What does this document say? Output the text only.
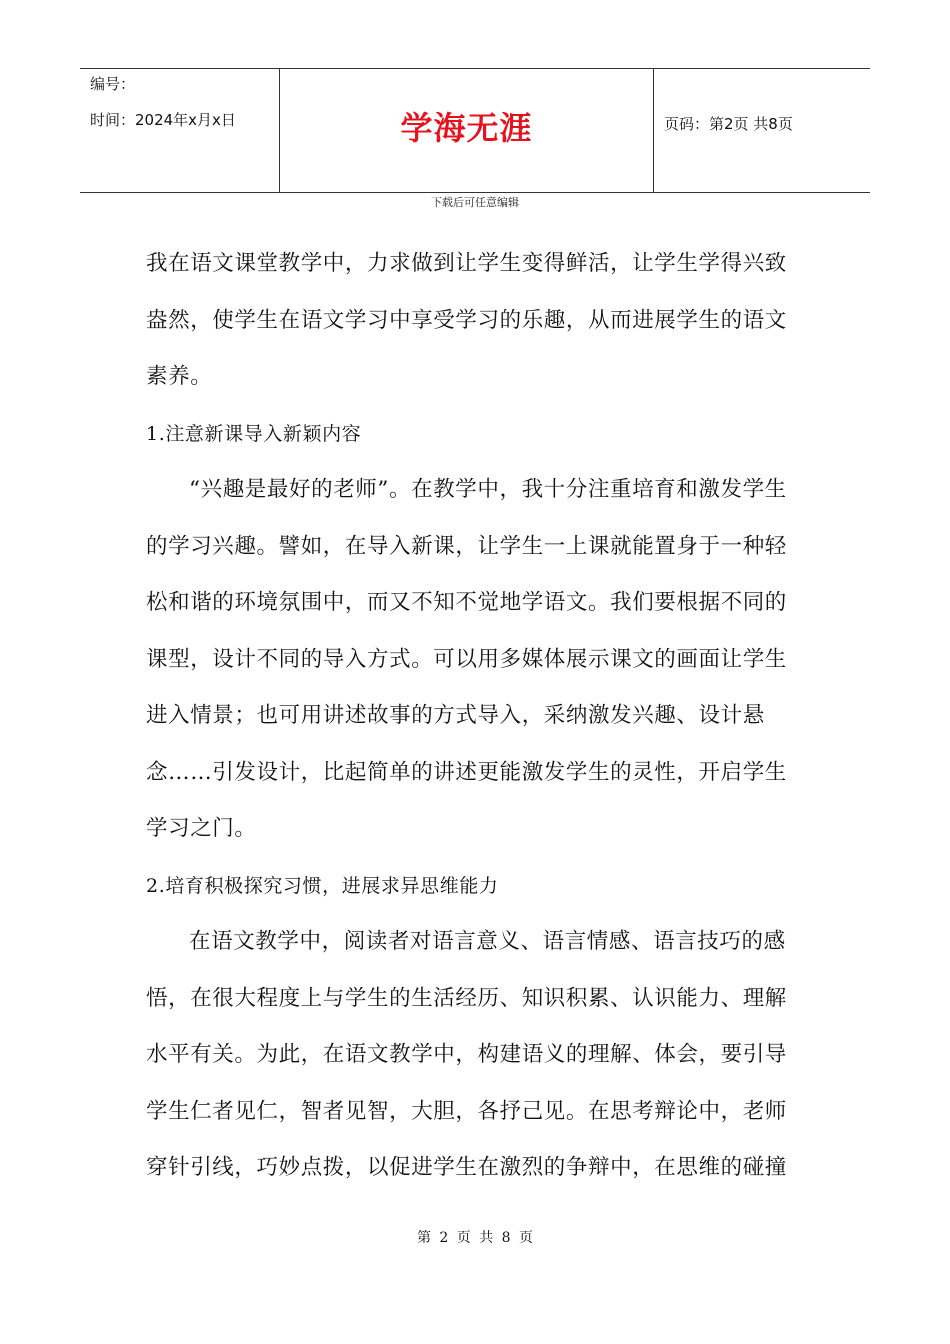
编号：
时间：2024年x月x日	学海无涯	页码：第2页 共8页
下载后可任意编辑

我在语文课堂教学中，力求做到让学生变得鲜活，让学生学得兴致盎然，使学生在语文学习中享受学习的乐趣，从而进展学生的语文素养。

1.注意新课导入新颖内容

“兴趣是最好的老师”。在教学中，我十分注重培育和激发学生的学习兴趣。譬如，在导入新课，让学生一上课就能置身于一种轻松和谐的环境氛围中，而又不知不觉地学语文。我们要根据不同的课型，设计不同的导入方式。可以用多媒体展示课文的画面让学生进入情景；也可用讲述故事的方式导入，采纳激发兴趣、设计悬念……引发设计，比起简单的讲述更能激发学生的灵性，开启学生学习之门。

2.培育积极探究习惯，进展求异思维能力

在语文教学中，阅读者对语言意义、语言情感、语言技巧的感悟，在很大程度上与学生的生活经历、知识积累、认识能力、理解水平有关。为此，在语文教学中，构建语义的理解、体会，要引导学生仁者见仁，智者见智，大胆，各抒己见。在思考辩论中，老师穿针引线，巧妙点拨，以促进学生在激烈的争辩中，在思维的碰撞

第 2 页 共 8 页
